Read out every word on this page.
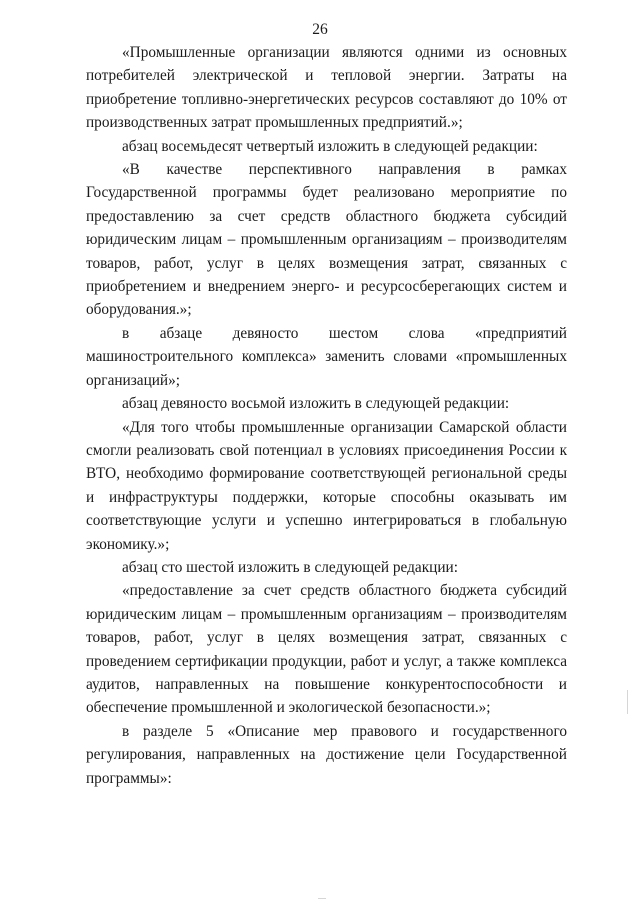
26

«Промышленные организации являются одними из основных потребителей электрической и тепловой энергии. Затраты на приобретение топливно-энергетических ресурсов составляют до 10% от производственных затрат промышленных предприятий.»;

абзац восемьдесят четвертый изложить в следующей редакции:

«В качестве перспективного направления в рамках Государственной программы будет реализовано мероприятие по предоставлению за счет средств областного бюджета субсидий юридическим лицам – промышленным организациям – производителям товаров, работ, услуг в целях возмещения затрат, связанных с приобретением и внедрением энерго- и ресурсосберегающих систем и оборудования.»;

в абзаце девяносто шестом слова «предприятий машиностроительного комплекса» заменить словами «промышленных организаций»;

абзац девяносто восьмой изложить в следующей редакции:

«Для того чтобы промышленные организации Самарской области смогли реализовать свой потенциал в условиях присоединения России к ВТО, необходимо формирование соответствующей региональной среды и инфраструктуры поддержки, которые способны оказывать им соответствующие услуги и успешно интегрироваться в глобальную экономику.»;

абзац сто шестой изложить в следующей редакции:

«предоставление за счет средств областного бюджета субсидий юридическим лицам – промышленным организациям – производителям товаров, работ, услуг в целях возмещения затрат, связанных с проведением сертификации продукции, работ и услуг, а также комплекса аудитов, направленных на повышение конкурентоспособности и обеспечение промышленной и экологической безопасности.»;

в разделе 5 «Описание мер правового и государственного регулирования, направленных на достижение цели Государственной программы»:
